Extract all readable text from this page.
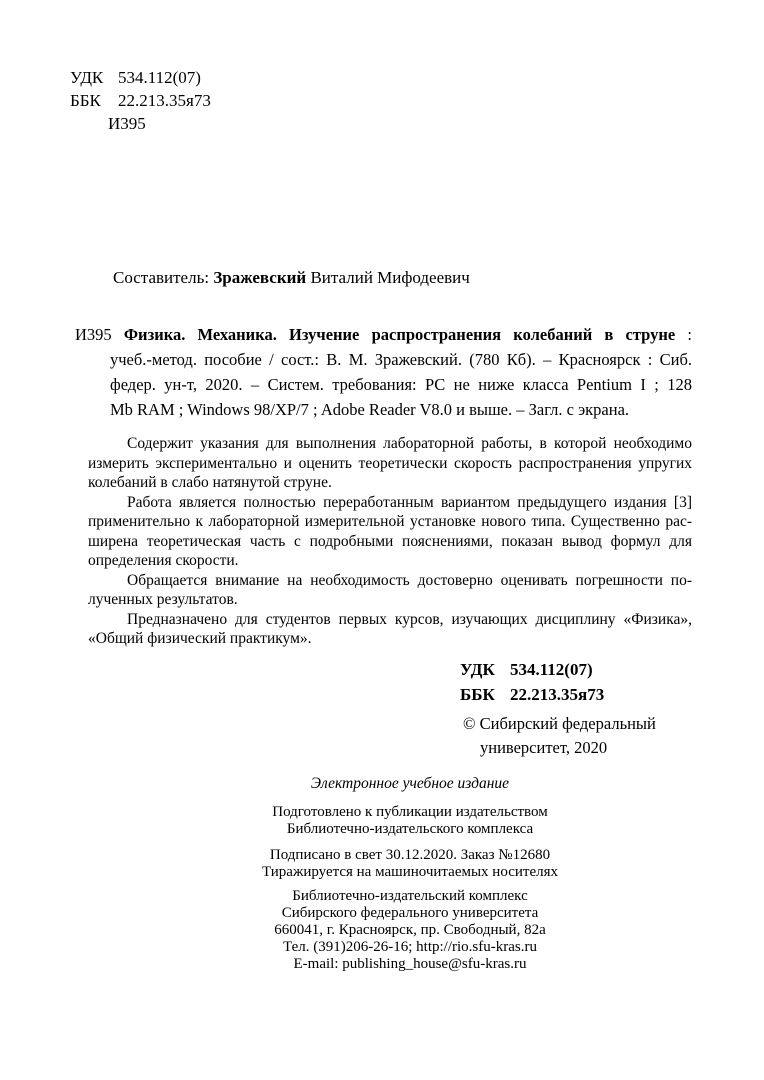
УДК 534.112(07)
ББК 22.213.35я73
И395
Составитель: Зражевский Виталий Мифодеевич
И395 Физика. Механика. Изучение распространения колебаний в струне :
учеб.-метод. пособие / сост.: В. М. Зражевский. (780 Кб). – Красноярск : Сиб.
федер. ун-т, 2020. – Систем. требования: PC не ниже класса Pentium I ; 128
Mb RAM ; Windows 98/XP/7 ; Adobe Reader V8.0 и выше. – Загл. с экрана.
Содержит указания для выполнения лабораторной работы, в которой необходимо
измерить экспериментально и оценить теоретически скорость распространения упругих
колебаний в слабо натянутой струне.
Работа является полностью переработанным вариантом предыдущего издания [3]
применительно к лабораторной измерительной установке нового типа. Существенно рас-
ширена теоретическая часть с подробными пояснениями, показан вывод формул для
определения скорости.
Обращается внимание на необходимость достоверно оценивать погрешности по-
лученных результатов.
Предназначено для студентов первых курсов, изучающих дисциплину «Физика»,
«Общий физический практикум».
УДК 534.112(07)
ББК 22.213.35я73
© Сибирский федеральный
университет, 2020
Электронное учебное издание
Подготовлено к публикации издательством
Библиотечно-издательского комплекса
Подписано в свет 30.12.2020. Заказ №12680
Тиражируется на машиночитаемых носителях
Библиотечно-издательский комплекс
Сибирского федерального университета
660041, г. Красноярск, пр. Свободный, 82а
Тел. (391)206-26-16; http://rio.sfu-kras.ru
E-mail: publishing_house@sfu-kras.ru
